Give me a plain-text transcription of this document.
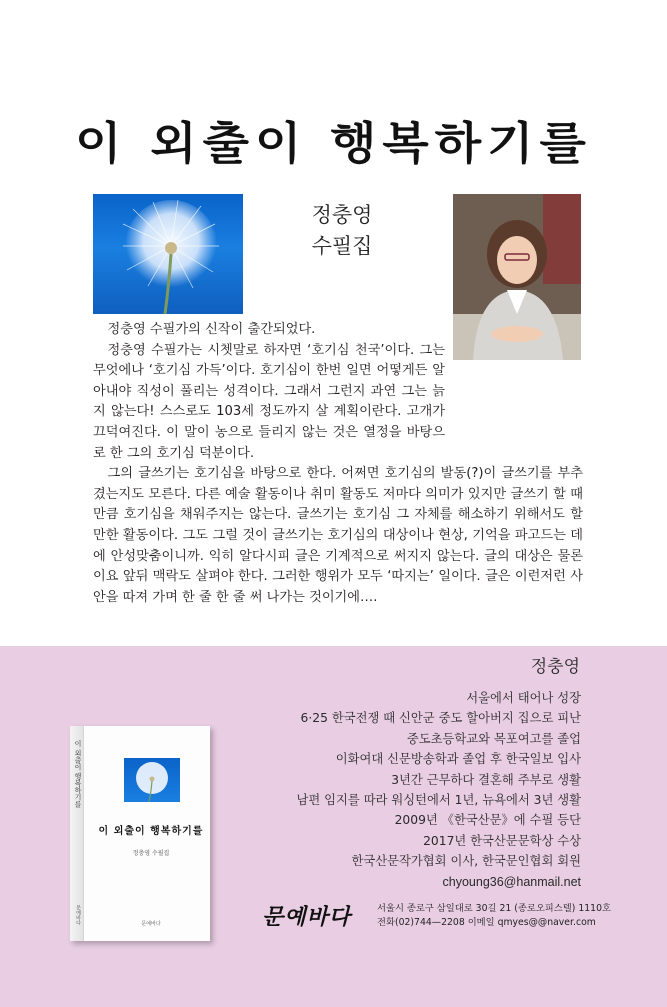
이 외출이 행복하기를
정충영
수필집

정충영 수필가의 신작이 출간되었다.

정충영 수필가는 시쳇말로 하자면 ‘호기심 천국’이다. 그는 무엇에나 ‘호기심 가득’이다. 호기심이 한번 일면 어떻게든 알아내야 직성이 풀리는 성격이다. 그래서 그런지 과연 그는 늙지 않는다! 스스로도 103세 정도까지 살 계획이란다. 고개가 끄덕여진다. 이 말이 농으로 들리지 않는 것은 열정을 바탕으로 한 그의 호기심 덕분이다.

그의 글쓰기는 호기심을 바탕으로 한다. 어쩌면 호기심의 발동(?)이 글쓰기를 부추겼는지도 모른다. 다른 예술 활동이나 취미 활동도 저마다 의미가 있지만 글쓰기 할 때만큼 호기심을 채워주지는 않는다. 글쓰기는 호기심 그 자체를 해소하기 위해서도 할 만한 활동이다. 그도 그럴 것이 글쓰기는 호기심의 대상이나 현상, 기억을 파고드는 데에 안성맞춤이니까. 익히 알다시피 글은 기계적으로 써지지 않는다. 글의 대상은 물론이요 앞뒤 맥락도 살펴야 한다. 그러한 행위가 모두 ‘따지는’ 일이다. 글은 이런저런 사안을 따져 가며 한 줄 한 줄 써 나가는 것이기에….

정충영
서울에서 태어나 성장
6·25 한국전쟁 때 신안군 중도 할아버지 집으로 피난
중도초등학교와 목포여고를 졸업
이화여대 신문방송학과 졸업 후 한국일보 입사
3년간 근무하다 결혼해 주부로 생활
남편 임지를 따라 워싱턴에서 1년, 뉴욕에서 3년 생활
2009년 《한국산문》에 수필 등단
2017년 한국산문문학상 수상
한국산문작가협회 이사, 한국문인협회 회원
chyoung36@hanmail.net
이 외출이 행복하기를
문예바다
이 외출이 행복하기를
정충영 수필집
문예바다	문예바다	서울시 종로구 삼일대로 30길 21 (종로오피스텔) 1110호
전화(02)744—2208 이메일 qmyes@@naver.com
